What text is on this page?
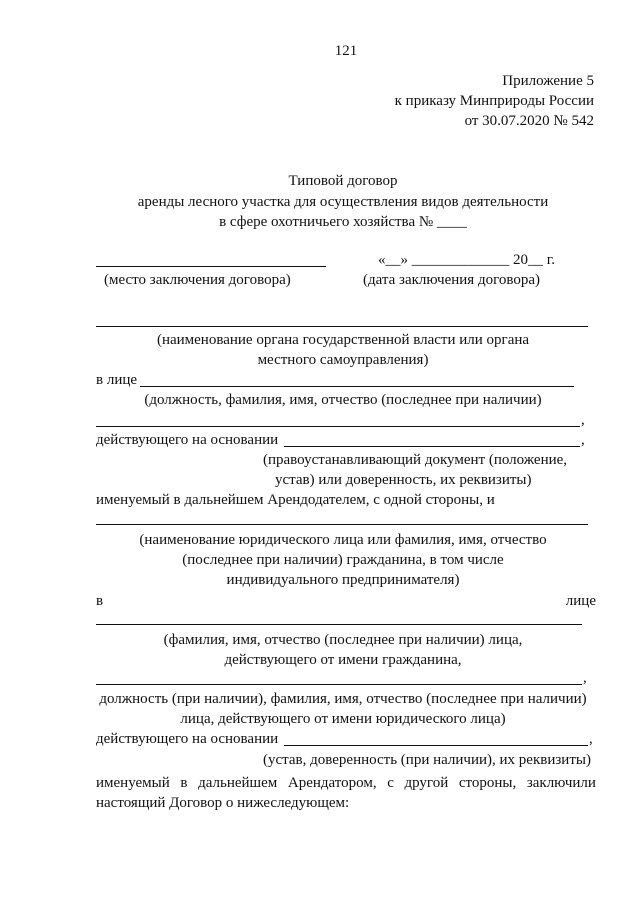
121
Приложение 5
к приказу Минприроды России
от 30.07.2020 № 542
Типовой договор
аренды лесного участка для осуществления видов деятельности
в сфере охотничьего хозяйства № ____
«__» _____________ 20__ г.
(место заключения договора)	(дата заключения договора)
(наименование органа государственной власти или органа
местного самоуправления)
в лице
(должность, фамилия, имя, отчество (последнее при наличии)
,
действующего на основании	,
(правоустанавливающий документ (положение,
устав) или доверенность, их реквизиты)
именуемый в дальнейшем Арендодателем, с одной стороны, и
(наименование юридического лица или фамилия, имя, отчество
(последнее при наличии) гражданина, в том числе
индивидуального предпринимателя)
в	лице
(фамилия, имя, отчество (последнее при наличии) лица,
действующего от имени гражданина,
,
должность (при наличии), фамилия, имя, отчество (последнее при наличии)
лица, действующего от имени юридического лица)
действующего на основании	,
(устав, доверенность (при наличии), их реквизиты)
именуемый в дальнейшем Арендатором, с другой стороны, заключили
настоящий Договор о нижеследующем:
